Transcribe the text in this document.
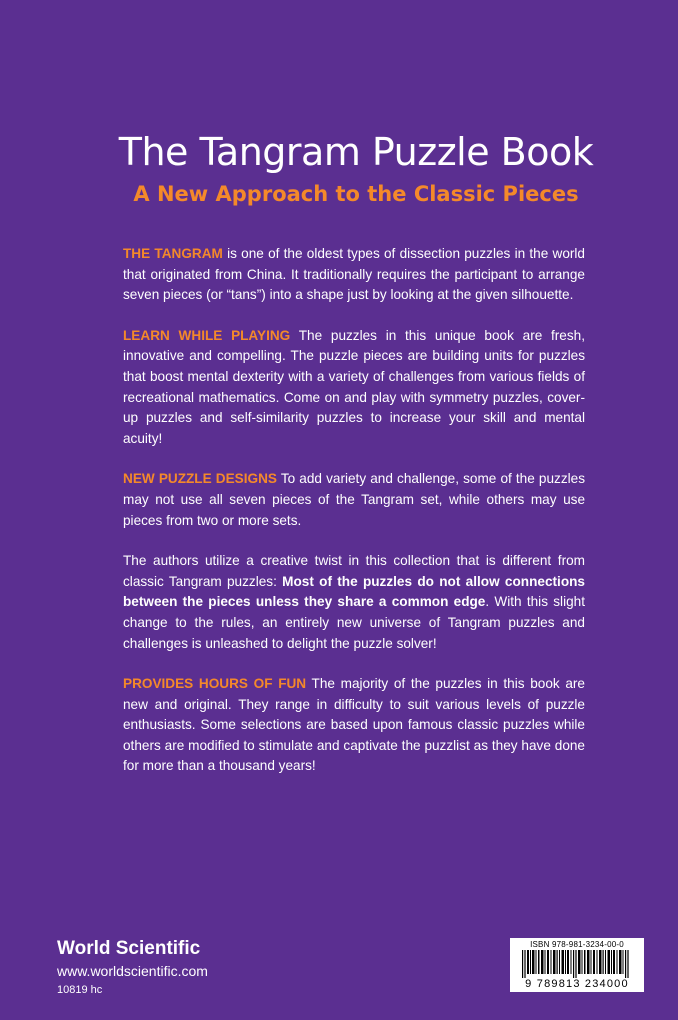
The Tangram Puzzle Book
A New Approach to the Classic Pieces

THE TANGRAM is one of the oldest types of dissection puzzles in the world that originated from China. It traditionally requires the participant to arrange seven pieces (or “tans”) into a shape just by looking at the given silhouette.

LEARN WHILE PLAYING The puzzles in this unique book are fresh, innovative and compelling. The puzzle pieces are building units for puzzles that boost mental dexterity with a variety of challenges from various fields of recreational mathematics. Come on and play with symmetry puzzles, cover-up puzzles and self-similarity puzzles to increase your skill and mental acuity!

NEW PUZZLE DESIGNS To add variety and challenge, some of the puzzles may not use all seven pieces of the Tangram set, while others may use pieces from two or more sets.

The authors utilize a creative twist in this collection that is different from classic Tangram puzzles: Most of the puzzles do not allow connections between the pieces unless they share a common edge. With this slight change to the rules, an entirely new universe of Tangram puzzles and challenges is unleashed to delight the puzzle solver!

PROVIDES HOURS OF FUN The majority of the puzzles in this book are new and original. They range in difficulty to suit various levels of puzzle enthusiasts. Some selections are based upon famous classic puzzles while others are modified to stimulate and captivate the puzzlist as they have done for more than a thousand years!

World Scientific
www.worldscientific.com
10819 hc
ISBN 978-981-3234-00-0
9 789813 234000
